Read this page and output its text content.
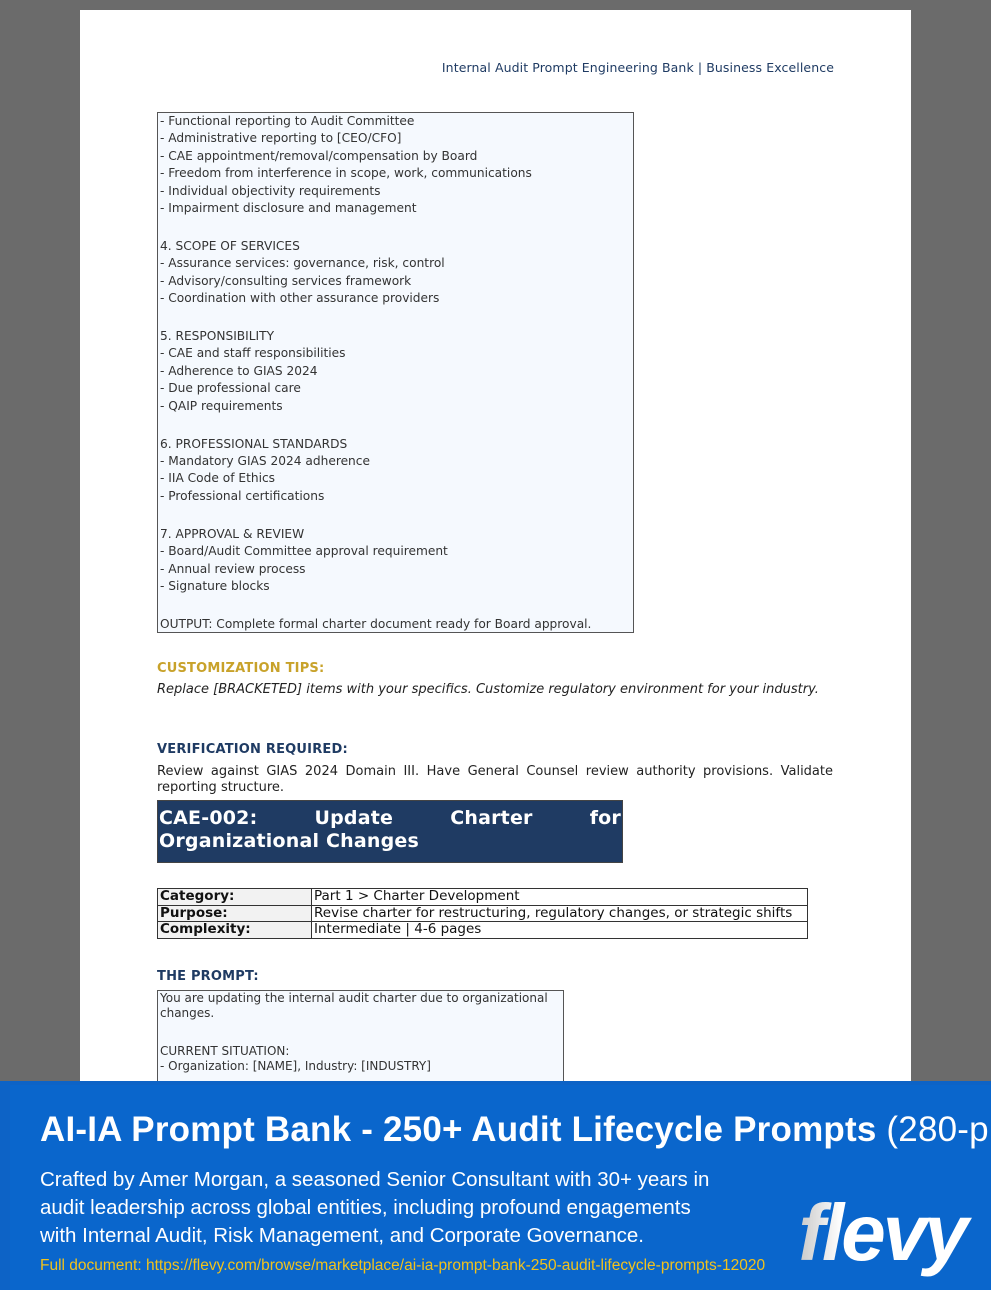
Internal Audit Prompt Engineering Bank | Business Excellence
- Functional reporting to Audit Committee
- Administrative reporting to [CEO/CFO]
- CAE appointment/removal/compensation by Board
- Freedom from interference in scope, work, communications
- Individual objectivity requirements
- Impairment disclosure and management
4. SCOPE OF SERVICES
- Assurance services: governance, risk, control
- Advisory/consulting services framework
- Coordination with other assurance providers
5. RESPONSIBILITY
- CAE and staff responsibilities
- Adherence to GIAS 2024
- Due professional care
- QAIP requirements
6. PROFESSIONAL STANDARDS
- Mandatory GIAS 2024 adherence
- IIA Code of Ethics
- Professional certifications
7. APPROVAL & REVIEW
- Board/Audit Committee approval requirement
- Annual review process
- Signature blocks
OUTPUT: Complete formal charter document ready for Board approval.
CUSTOMIZATION TIPS:
Replace [BRACKETED] items with your specifics. Customize regulatory environment for your industry.
VERIFICATION REQUIRED:
Review against GIAS 2024 Domain III. Have General Counsel review authority provisions. Validate reporting structure.
CAE-002: Update Charter for Organizational Changes
Category:	Part 1 > Charter Development
Purpose:	Revise charter for restructuring, regulatory changes, or strategic shifts
Complexity:	Intermediate | 4-6 pages
THE PROMPT:
You are updating the internal audit charter due to organizational
changes.
CURRENT SITUATION:
- Organization: [NAME], Industry: [INDUSTRY]
AI-IA Prompt Bank - 250+ Audit Lifecycle Prompts (280-p
Crafted by Amer Morgan, a seasoned Senior Consultant with 30+ years in audit leadership across global entities, including profound engagements with Internal Audit, Risk Management, and Corporate Governance.
Full document: https://flevy.com/browse/marketplace/ai-ia-prompt-bank-250-audit-lifecycle-prompts-12020 flevy
